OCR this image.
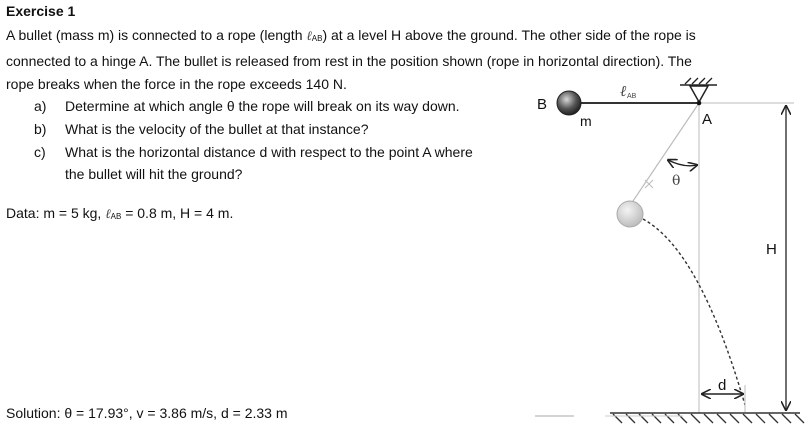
Exercise 1
A bullet (mass m) is connected to a rope (length ℓAB) at a level H above the ground. The other side of the rope is
connected to a hinge A. The bullet is released from rest in the position shown (rope in horizontal direction). The
rope breaks when the force in the rope exceeds 140 N.
a) Determine at which angle θ the rope will break on its way down.
b) What is the velocity of the bullet at that instance?
c) What is the horizontal distance d with respect to the point A where
the bullet will hit the ground?
Data: m = 5 kg, ℓAB = 0.8 m, H = 4 m.
Solution: θ = 17.93°, v = 3.86 m/s, d = 2.33 m
B
m	A
θ
H
d
ℓ AB
